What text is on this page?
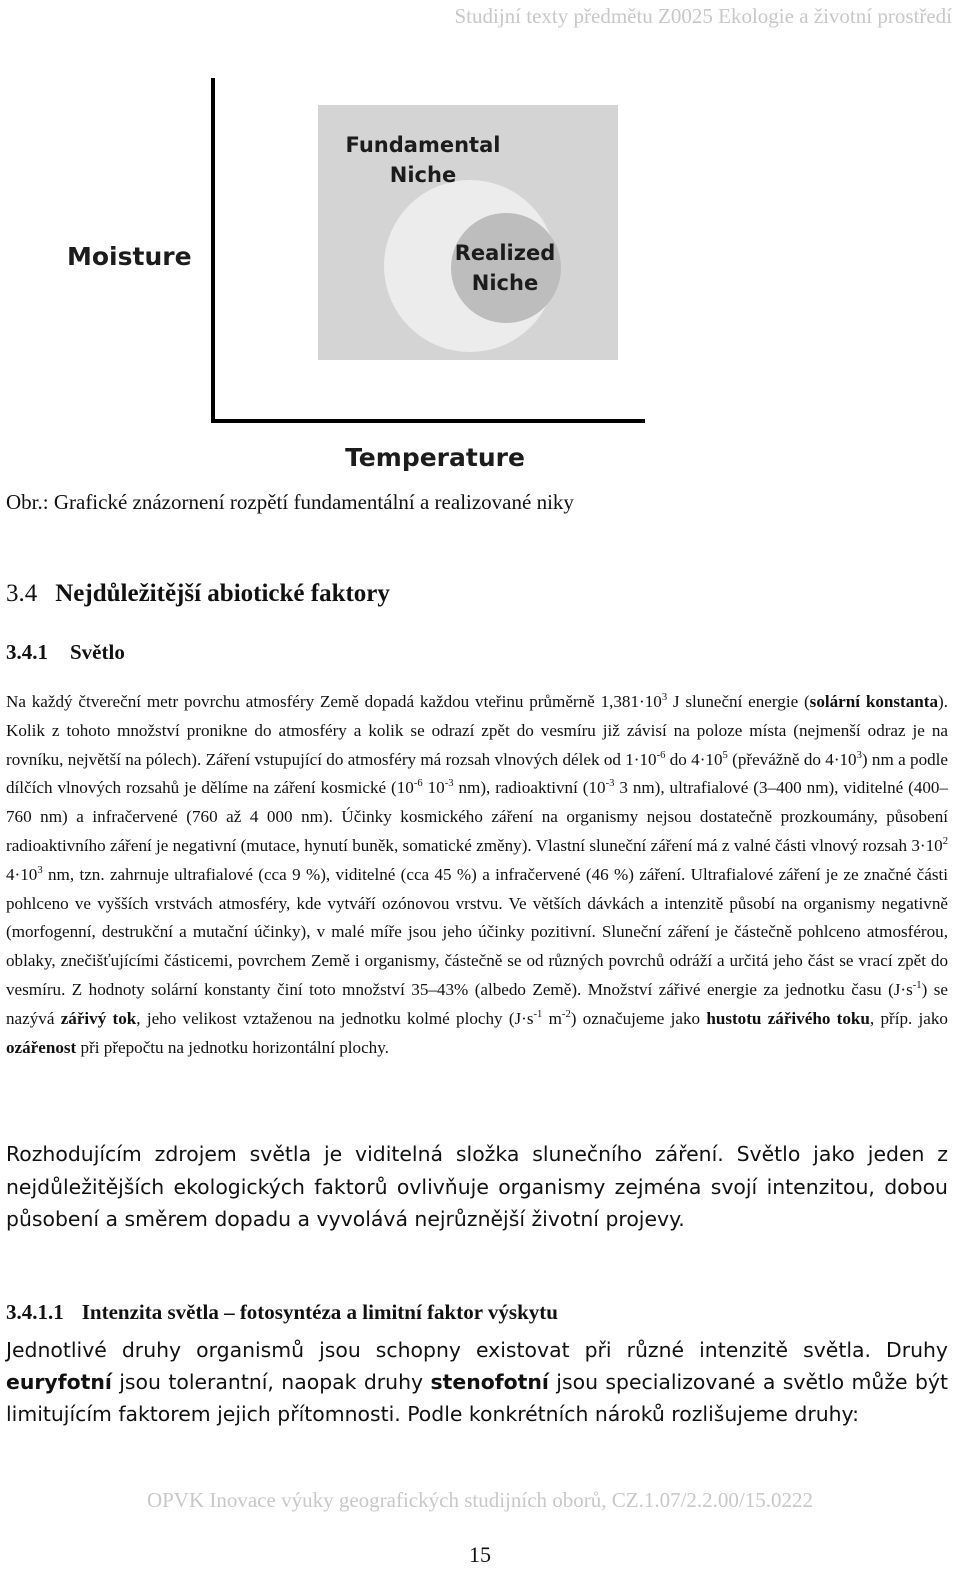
Studijní texty předmětu Z0025 Ekologie a životní prostředí
Fundamental
Niche
Realized
Niche
Moisture
Temperature
Obr.: Grafické znázornení rozpětí fundamentální a realizované niky
3.4 Nejdůležitější abiotické faktory
3.4.1 Světlo
Na každý čtvereční metr povrchu atmosféry Země dopadá každou vteřinu průměrně $1,381\cdot 10^3$ J sluneční energie (solární konstanta). Kolik z tohoto množství pronikne do atmosféry a kolik se odrazí zpět do vesmíru již závisí na poloze místa (nejmenší odraz je na rovníku, největší na pólech). Záření vstupující do atmosféry má rozsah vlnových délek od $1\cdot 10^{-6}$ do $4\cdot 10^5$ (převážně do $4\cdot 10^3$) nm a podle dílčích vlnových rozsahů je dělíme na záření kosmické ($10^{-6}$ $10^{-3}$ nm), radioaktivní ($10^{-3}$ 3 nm), ultrafialové (3–400 nm), viditelné (400–760 nm) a infračervené (760 až 4 000 nm). Účinky kosmického záření na organismy nejsou dostatečně prozkoumány, působení radioaktivního záření je negativní (mutace, hynutí buněk, somatické změny). Vlastní sluneční záření má z valné části vlnový rozsah $3\cdot 10^2$ $4\cdot 10^3$ nm, tzn. zahrnuje ultrafialové (cca 9 %), viditelné (cca 45 %) a infračervené (46 %) záření. Ultrafialové záření je ze značné části pohlceno ve vyšších vrstvách atmosféry, kde vytváří ozónovou vrstvu. Ve větších dávkách a intenzitě působí na organismy negativně (morfogenní, destrukční a mutační účinky), v malé míře jsou jeho účinky pozitivní. Sluneční záření je částečně pohlceno atmosférou, oblaky, znečišťujícími částicemi, povrchem Země i organismy, částečně se od různých povrchů odráží a určitá jeho část se vrací zpět do vesmíru. Z hodnoty solární konstanty činí toto množství 35–43% (albedo Země). Množství zářivé energie za jednotku času $(J\cdot s^{-1})$ se nazývá zářivý tok, jeho velikost vztaženou na jednotku kolmé plochy ($J\cdot s^{-1}$ $m^{-2}$) označujeme jako hustotu zářivého toku, příp. jako ozářenost při přepočtu na jednotku horizontální plochy.
Rozhodujícím zdrojem světla je viditelná složka slunečního záření. Světlo jako jeden z nejdůležitějších ekologických faktorů ovlivňuje organismy zejména svojí intenzitou, dobou působení a směrem dopadu a vyvolává nejrůznější životní projevy.
3.4.1.1 Intenzita světla – fotosyntéza a limitní faktor výskytu
Jednotlivé druhy organismů jsou schopny existovat při různé intenzitě světla. Druhy euryfotní jsou tolerantní, naopak druhy stenofotní jsou specializované a světlo může být limitujícím faktorem jejich přítomnosti. Podle konkrétních nároků rozlišujeme druhy:
OPVK Inovace výuky geografických studijních oborů, CZ.1.07/2.2.00/15.0222
15
